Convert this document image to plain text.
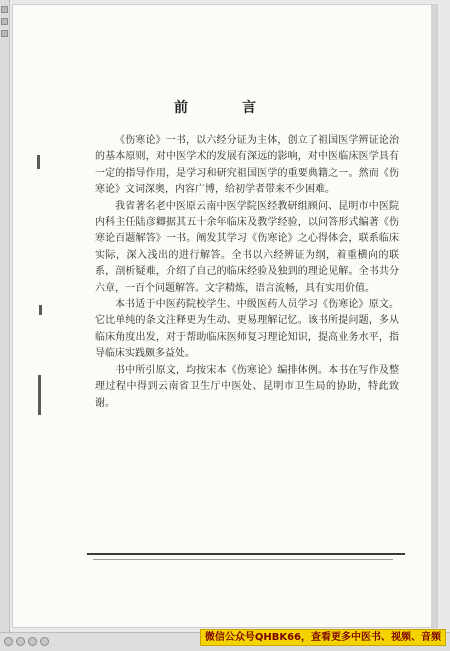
前　言

《伤寒论》一书，以六经分证为主体，创立了祖国医学辨证论治的基本原则，对中医学术的发展有深远的影响，对中医临床医学具有一定的指导作用，是学习和研究祖国医学的重要典籍之一。然而《伤寒论》文词深奥，内容广博，给初学者带来不少困难。

我省著名老中医原云南中医学院医经教研组顾问、昆明市中医院内科主任陆彦卿据其五十余年临床及教学经验，以问答形式编著《伤寒论百题解答》一书。阐发其学习《伤寒论》之心得体会，联系临床实际，深入浅出的进行解答。全书以六经辨证为纲，着重横向的联系，剖析疑难，介绍了自己的临床经验及独到的理论见解。全书共分六章，一百个问题解答。文字精炼，语言流畅，具有实用价值。

本书适于中医药院校学生、中级医药人员学习《伤寒论》原文。它比单纯的条文注释更为生动、更易理解记忆。该书所提问题，多从临床角度出发，对于帮助临床医师复习理论知识，提高业务水平，指导临床实践颇多益处。

书中所引原文，均按宋本《伤寒论》编排体例。本书在写作及整理过程中得到云南省卫生厅中医处、昆明市卫生局的协助，特此致谢。

微信公众号QHBK66，查看更多中医书、视频、音频
